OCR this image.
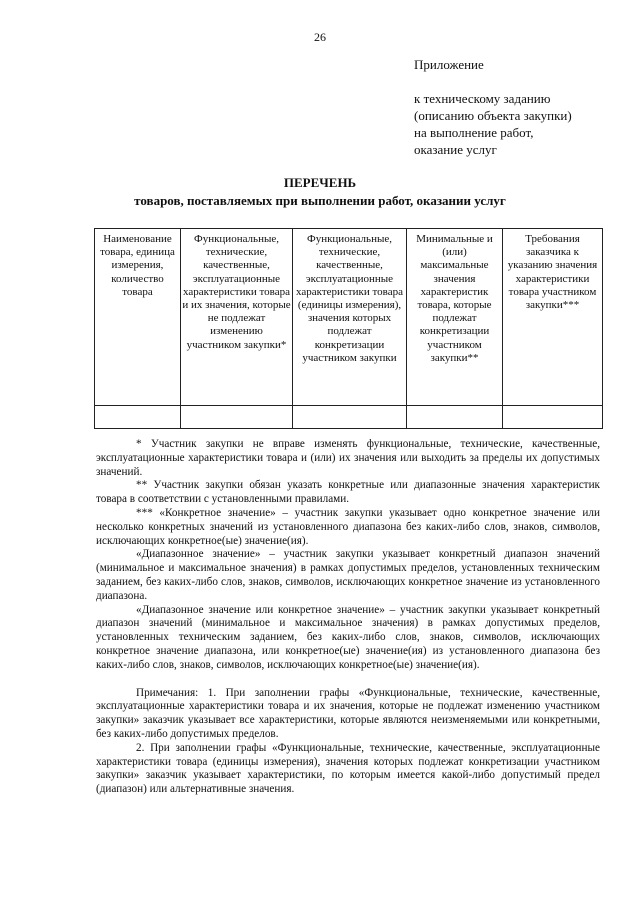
26
Приложение
к техническому заданию
(описанию объекта закупки)
на выполнение работ,
оказание услуг
ПЕРЕЧЕНЬ
товаров, поставляемых при выполнении работ, оказании услуг
Наименование товара, единица измерения, количество товара	Функциональные, технические, качественные, эксплуатационные характеристики товара и их значения, которые не подлежат изменению участником закупки*	Функциональные, технические, качественные, эксплуатационные характеристики товара (единицы измерения), значения которых подлежат конкретизации участником закупки	Минимальные и (или) максимальные значения характеристик товара, которые подлежат конкретизации участником закупки**	Требования заказчика к указанию значения характеристики товара участником закупки***

* Участник закупки не вправе изменять функциональные, технические, качественные, эксплуатационные характеристики товара и (или) их значения или выходить за пределы их допустимых значений.

** Участник закупки обязан указать конкретные или диапазонные значения характеристик товара в соответствии с установленными правилами.

*** «Конкретное значение» – участник закупки указывает одно конкретное значение или несколько конкретных значений из установленного диапазона без каких-либо слов, знаков, символов, исключающих конкретное(ые) значение(ия).

«Диапазонное значение» – участник закупки указывает конкретный диапазон значений (минимальное и максимальное значения) в рамках допустимых пределов, установленных техническим заданием, без каких-либо слов, знаков, символов, исключающих конкретное значение из установленного диапазона.

«Диапазонное значение или конкретное значение» – участник закупки указывает конкретный диапазон значений (минимальное и максимальное значения) в рамках допустимых пределов, установленных техническим заданием, без каких-либо слов, знаков, символов, исключающих конкретное значение диапазона, или конкретное(ые) значение(ия) из установленного диапазона без каких-либо слов, знаков, символов, исключающих конкретное(ые) значение(ия).

Примечания: 1. При заполнении графы «Функциональные, технические, качественные, эксплуатационные характеристики товара и их значения, которые не подлежат изменению участником закупки» заказчик указывает все характеристики, которые являются неизменяемыми или конкретными, без каких-либо допустимых пределов.

2. При заполнении графы «Функциональные, технические, качественные, эксплуатационные характеристики товара (единицы измерения), значения которых подлежат конкретизации участником закупки» заказчик указывает характеристики, по которым имеется какой-либо допустимый предел (диапазон) или альтернативные значения.
